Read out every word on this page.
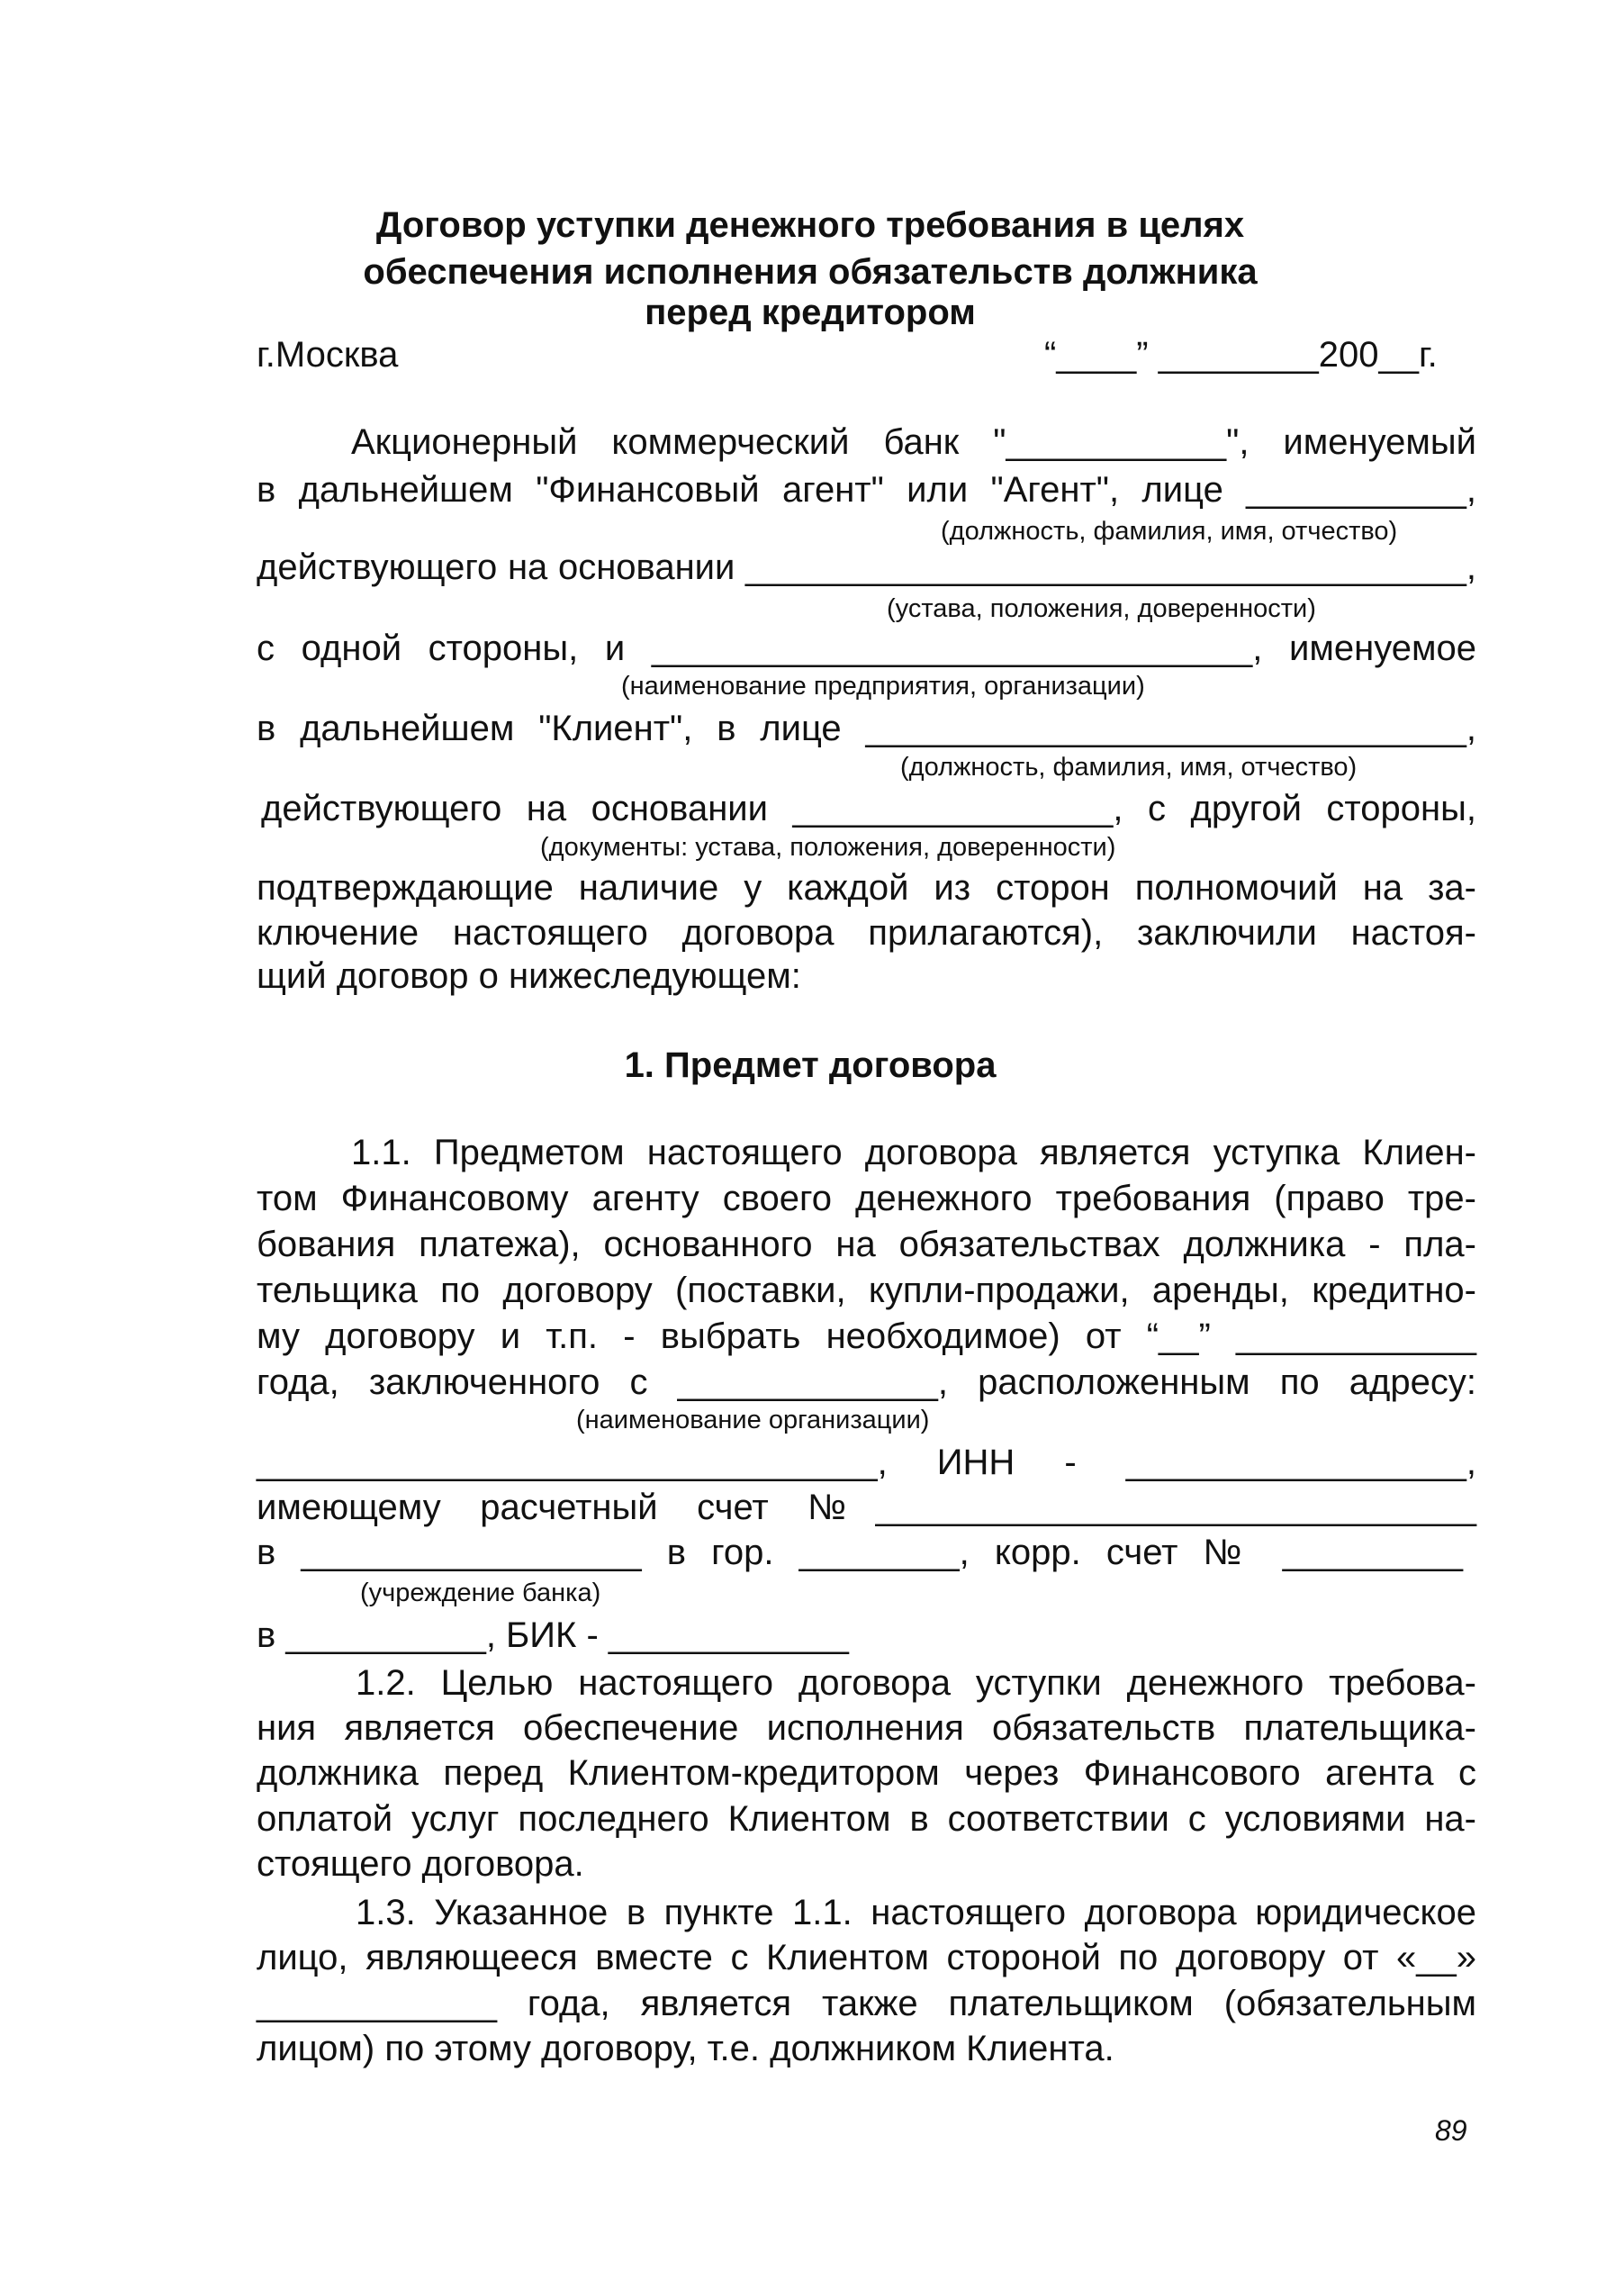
Договор уступки денежного требования в целях
обеспечения исполнения обязательств должника
перед кредитором
г.Москва	“____” ________200__г.
Акционерный коммерческий банк "___________", именуемый
в дальнейшем "Финансовый агент" или "Агент", лице ___________,
(должность, фамилия, имя, отчество)
действующего на основании ____________________________________,
(устава, положения, доверенности)
с одной стороны, и ______________________________, именуемое
(наименование предприятия, организации)
в дальнейшем "Клиент", в лице ______________________________,
(должность, фамилия, имя, отчество)
действующего на основании ________________, с другой стороны,
(документы: устава, положения, доверенности)
подтверждающие наличие у каждой из сторон полномочий на за-
ключение настоящего договора прилагаются), заключили настоя-
щий договор о нижеследующем:
1. Предмет договора
1.1. Предметом настоящего договора является уступка Клиен-
том Финансовому агенту своего денежного требования (право тре-
бования платежа), основанного на обязательствах должника - пла-
тельщика по договору (поставки, купли-продажи, аренды, кредитно-
му договору и т.п. - выбрать необходимое) от “__” ____________
года, заключенного с _____________, расположенным по адресу:
(наименование организации)
_______________________________, ИНН - _________________,
имеющему расчетный счет №______________________________
в _________________ в гор. ________, корр. счет № _________
(учреждение банка)
в __________, БИК - ____________
1.2. Целью настоящего договора уступки денежного требова-
ния является обеспечение исполнения обязательств плательщика-
должника перед Клиентом-кредитором через Финансового агента с
оплатой услуг последнего Клиентом в соответствии с условиями на-
стоящего договора.
1.3. Указанное в пункте 1.1. настоящего договора юридическое
лицо, являющееся вместе с Клиентом стороной по договору от «__»
____________ года, является также плательщиком (обязательным
лицом) по этому договору, т.е. должником Клиента.
89
